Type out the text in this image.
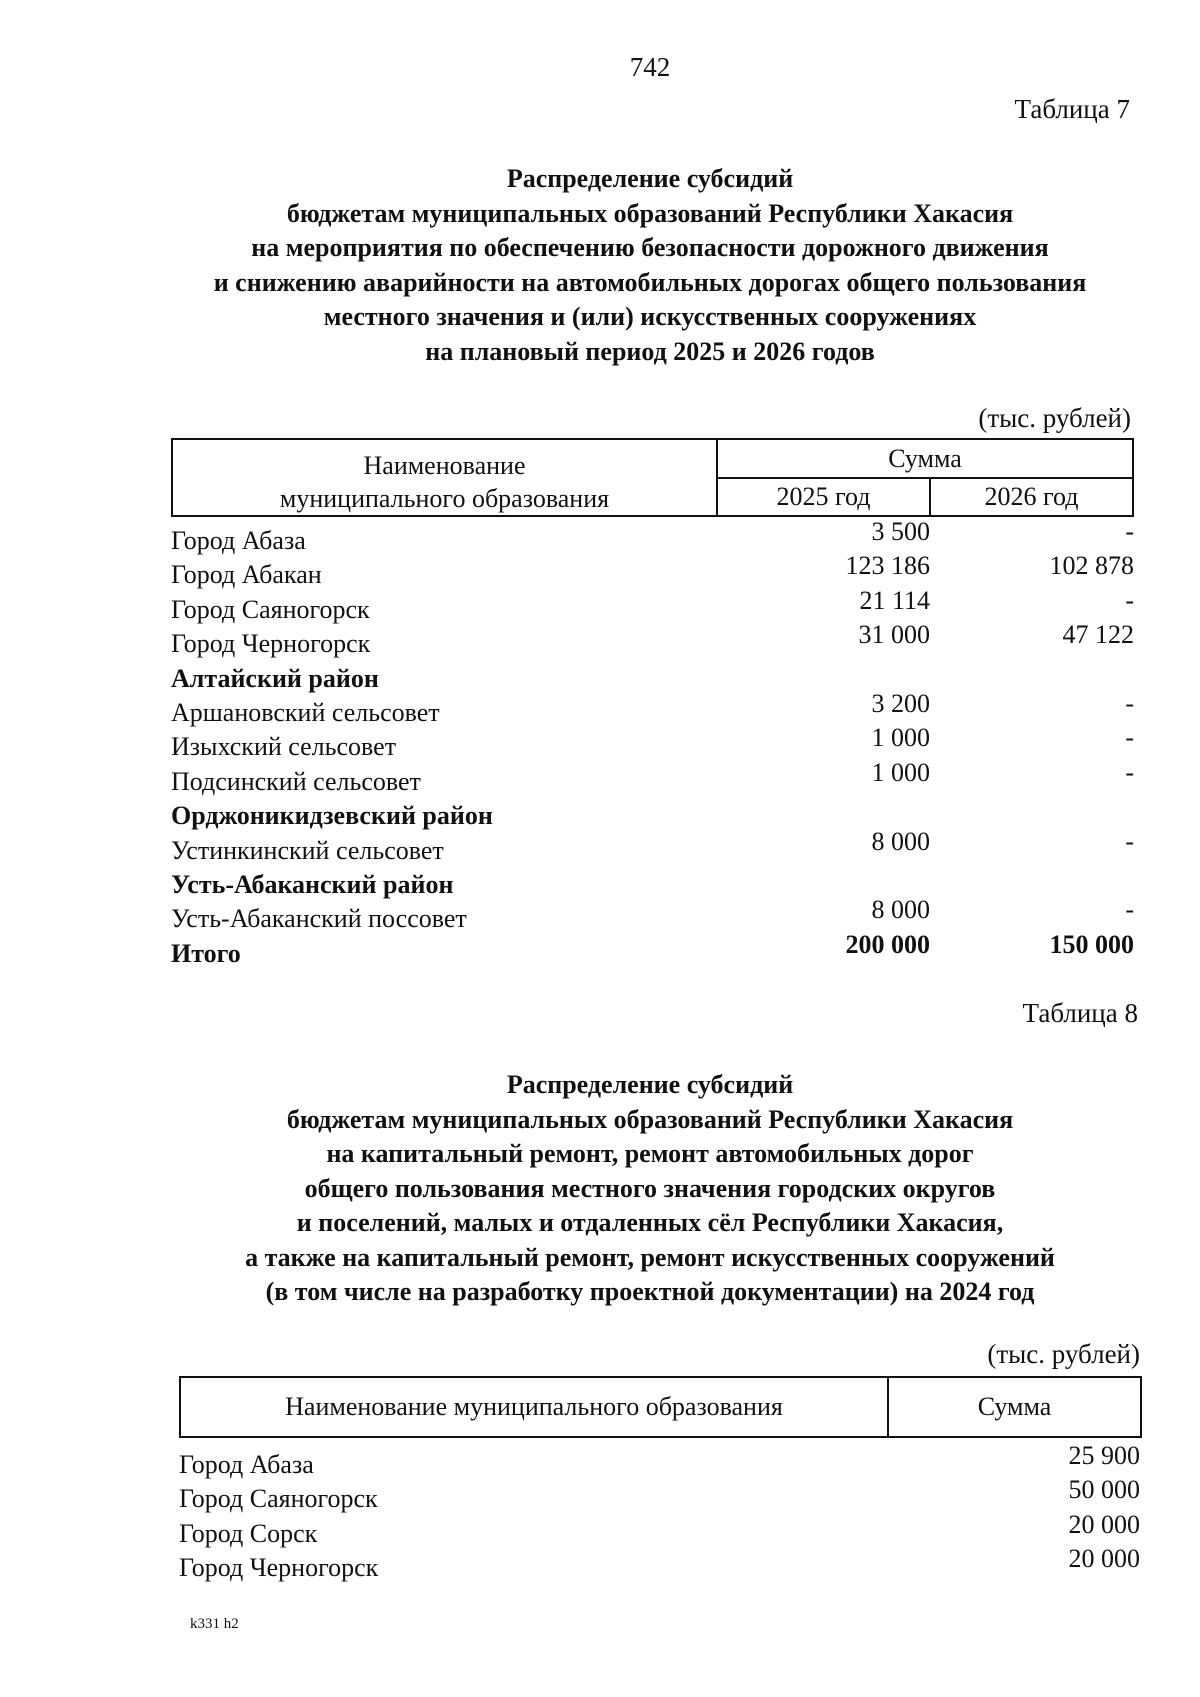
742
Таблица 7
Распределение субсидий
бюджетам муниципальных образований Республики Хакасия
на мероприятия по обеспечению безопасности дорожного движения
и снижению аварийности на автомобильных дорогах общего пользования
местного значения и (или) искусственных сооружениях
на плановый период 2025 и 2026 годов
(тыс. рублей)
Наименование
муниципального образования	Сумма	
	2025 год	2026 год
Город Абаза	3 500	-
Город Абакан	123 186	102 878
Город Саяногорск	21 114	-
Город Черногорск	31 000	47 122
Алтайский район
Аршановский сельсовет	3 200	-
Изыхский сельсовет	1 000	-
Подсинский сельсовет	1 000	-
Орджоникидзевский район
Устинкинский сельсовет	8 000	-
Усть-Абаканский район
Усть-Абаканский поссовет	8 000	-
Итого	200 000	150 000
Таблица 8
Распределение субсидий
бюджетам муниципальных образований Республики Хакасия
на капитальный ремонт, ремонт автомобильных дорог
общего пользования местного значения городских округов
и поселений, малых и отдаленных сёл Республики Хакасия,
а также на капитальный ремонт, ремонт искусственных сооружений
(в том числе на разработку проектной документации) на 2024 год
(тыс. рублей)
Наименование муниципального образования	Сумма
Город Абаза	25 900
Город Саяногорск	50 000
Город Сорск	20 000
Город Черногорск	20 000
k331 h2
